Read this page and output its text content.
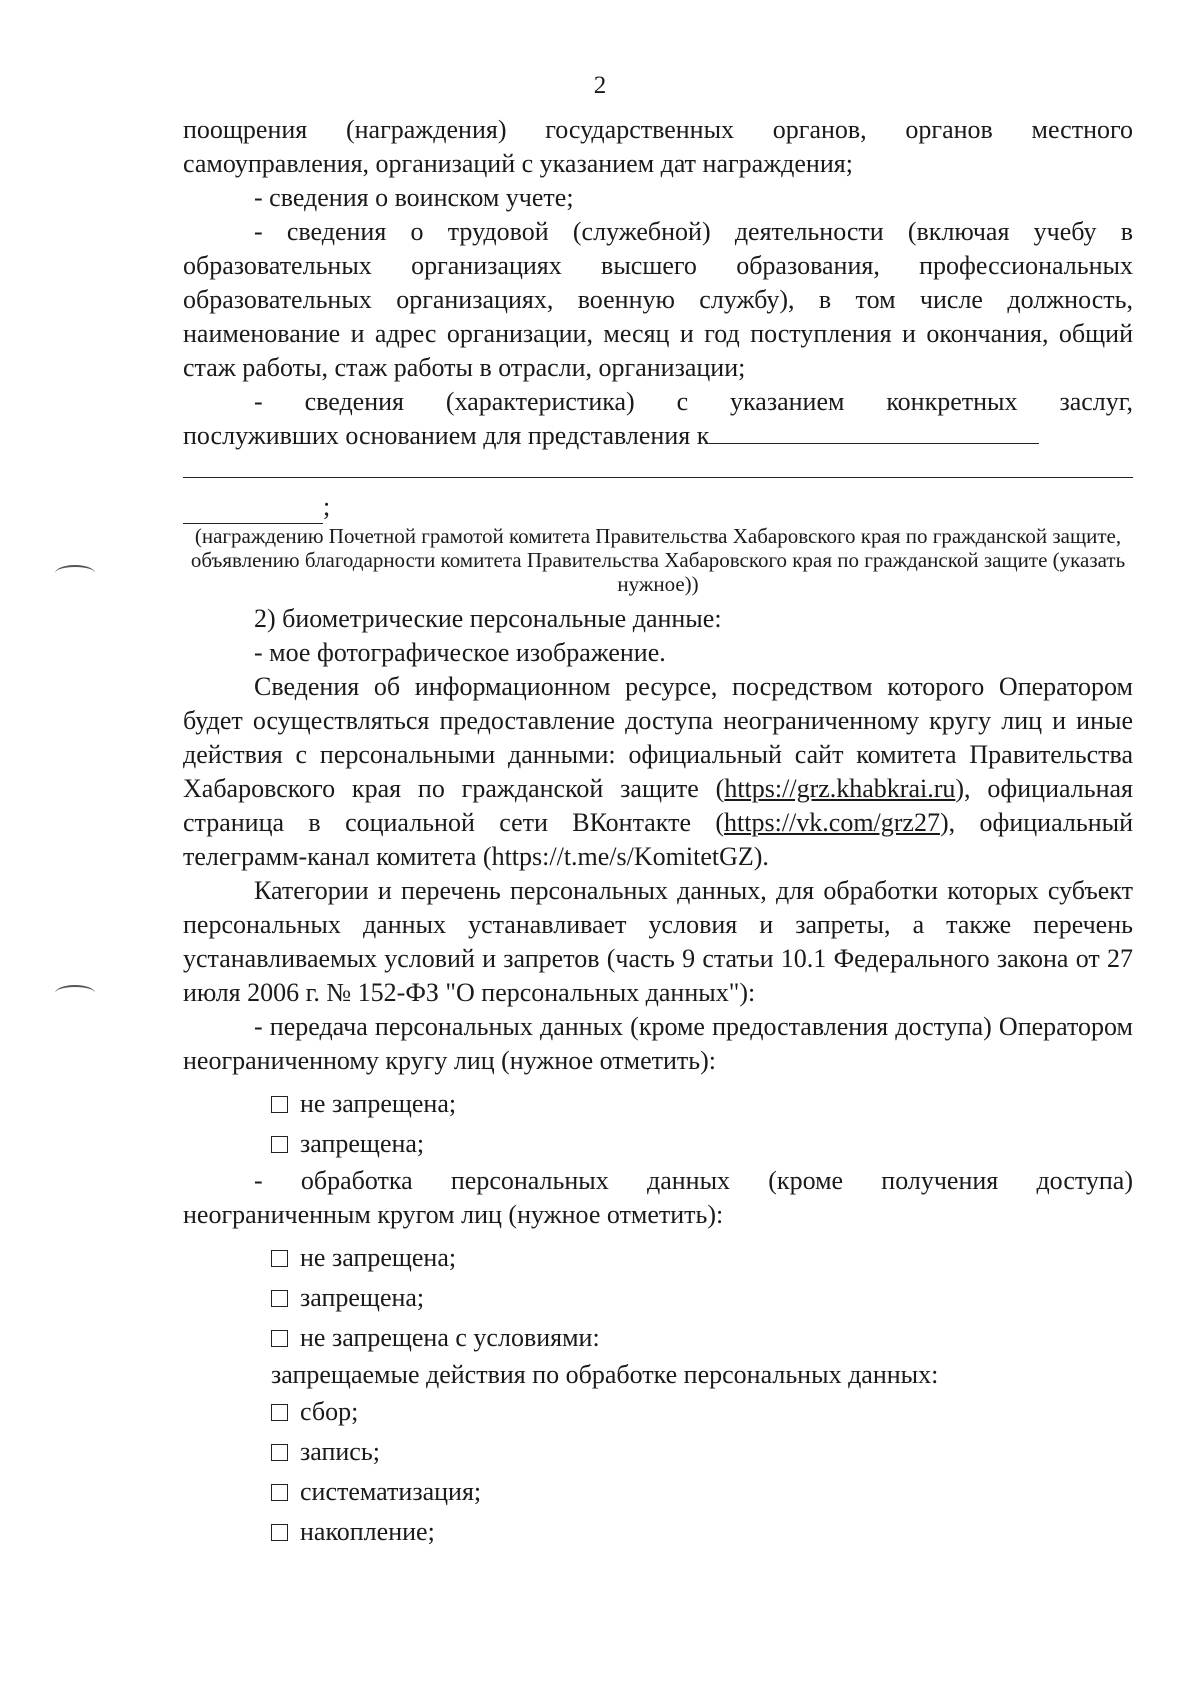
2

поощрения (награждения) государственных органов, органов местного самоуправления, организаций с указанием дат награждения;

- сведения о воинском учете;

- сведения о трудовой (служебной) деятельности (включая учебу в образовательных организациях высшего образования, профессиональных образовательных организациях, военную службу), в том числе должность, наименование и адрес организации, месяц и год поступления и окончания, общий стаж работы, стаж работы в отрасли, организации;

- сведения (характеристика) с указанием конкретных заслуг,

послуживших основанием для представления к

;

(награждению Почетной грамотой комитета Правительства Хабаровского края по гражданской защите, объявлению благодарности комитета Правительства Хабаровского края по гражданской защите (указать нужное))

2) биометрические персональные данные:

- мое фотографическое изображение.

Сведения об информационном ресурсе, посредством которого Оператором будет осуществляться предоставление доступа неограниченному кругу лиц и иные действия с персональными данными: официальный сайт комитета Правительства Хабаровского края по гражданской защите (https://grz.khabkrai.ru), официальная страница в социальной сети ВКонтакте (https://vk.com/grz27), официальный телеграмм-канал комитета (https://t.me/s/KomitetGZ).

Категории и перечень персональных данных, для обработки которых субъект персональных данных устанавливает условия и запреты, а также перечень устанавливаемых условий и запретов (часть 9 статьи 10.1 Федерального закона от 27 июля 2006 г. № 152-ФЗ "О персональных данных"):

- передача персональных данных (кроме предоставления доступа) Оператором неограниченному кругу лиц (нужное отметить):

не запрещена;
запрещена;

- обработка персональных данных (кроме получения доступа) неограниченным кругом лиц (нужное отметить):

не запрещена;
запрещена;
не запрещена с условиями:

запрещаемые действия по обработке персональных данных:

сбор;
запись;
систематизация;
накопление;
